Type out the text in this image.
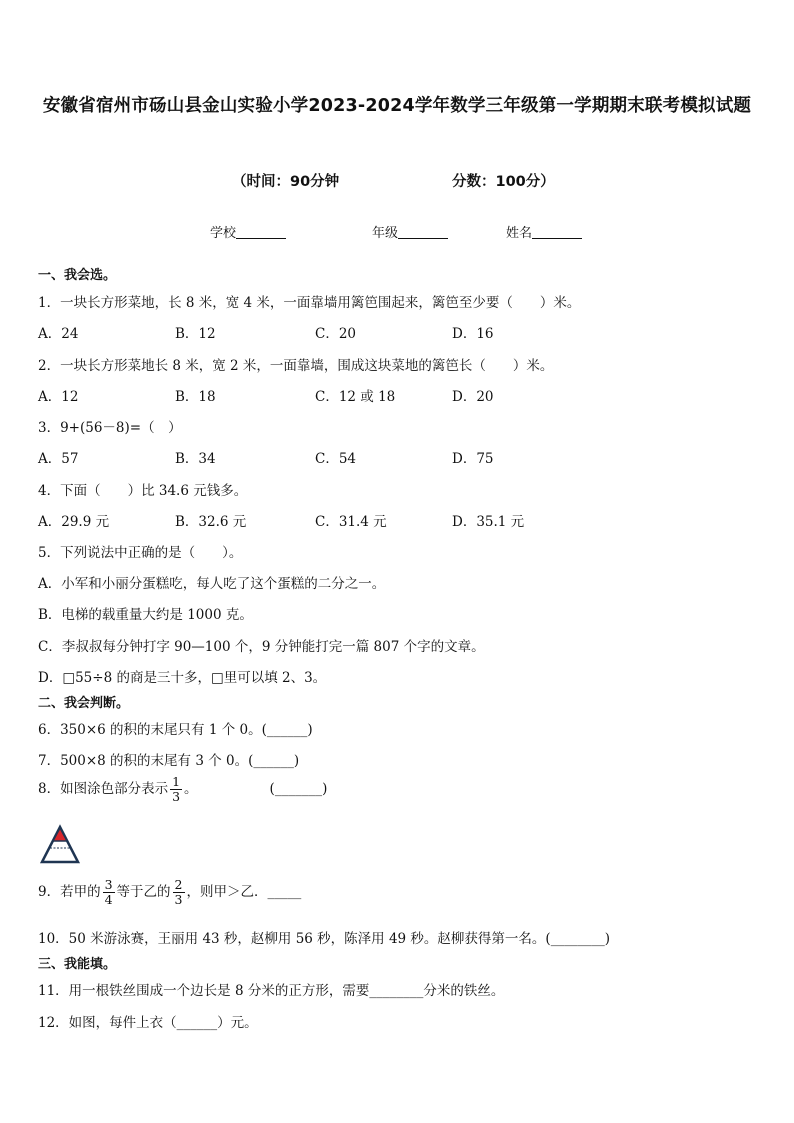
安徽省宿州市砀山县金山实验小学2023-2024学年数学三年级第一学期期末联考模拟试题
（时间：90分钟	分数：100分）
学校	年级	姓名
一、我会选。
1．一块长方形菜地，长 8 米，宽 4 米，一面靠墙用篱笆围起来，篱笆至少要（　　）米。
A．24	B．12	C．20	D．16
2．一块长方形菜地长 8 米，宽 2 米，一面靠墙，围成这块菜地的篱笆长（　　）米。
A．12	B．18	C．12 或 18	D．20
3．9+(56－8)=（　）
A．57	B．34	C．54	D．75
4．下面（　　）比 34.6 元钱多。
A．29.9 元	B．32.6 元	C．31.4 元	D．35.1 元
5．下列说法中正确的是（　　）。
A．小军和小丽分蛋糕吃，每人吃了这个蛋糕的二分之一。
B．电梯的载重量大约是 1000 克。
C．李叔叔每分钟打字 90—100 个，9 分钟能打完一篇 807 个字的文章。
D．□55÷8 的商是三十多，□里可以填 2、3。
二、我会判断。
6．350×6 的积的末尾只有 1 个 0。(______)
7．500×8 的积的末尾有 3 个 0。(______)
8．如图涂色部分表示 $\frac{1}{3}$ 。	(_______)
9．若甲的 $\frac{3}{4}$ 等于乙的 $\frac{2}{3}$ ，则甲＞乙．_____
10．50 米游泳赛，王丽用 43 秒，赵柳用 56 秒，陈泽用 49 秒。赵柳获得第一名。(________)
三、我能填。
11．用一根铁丝围成一个边长是 8 分米的正方形，需要________分米的铁丝。
12．如图，每件上衣（______）元。
